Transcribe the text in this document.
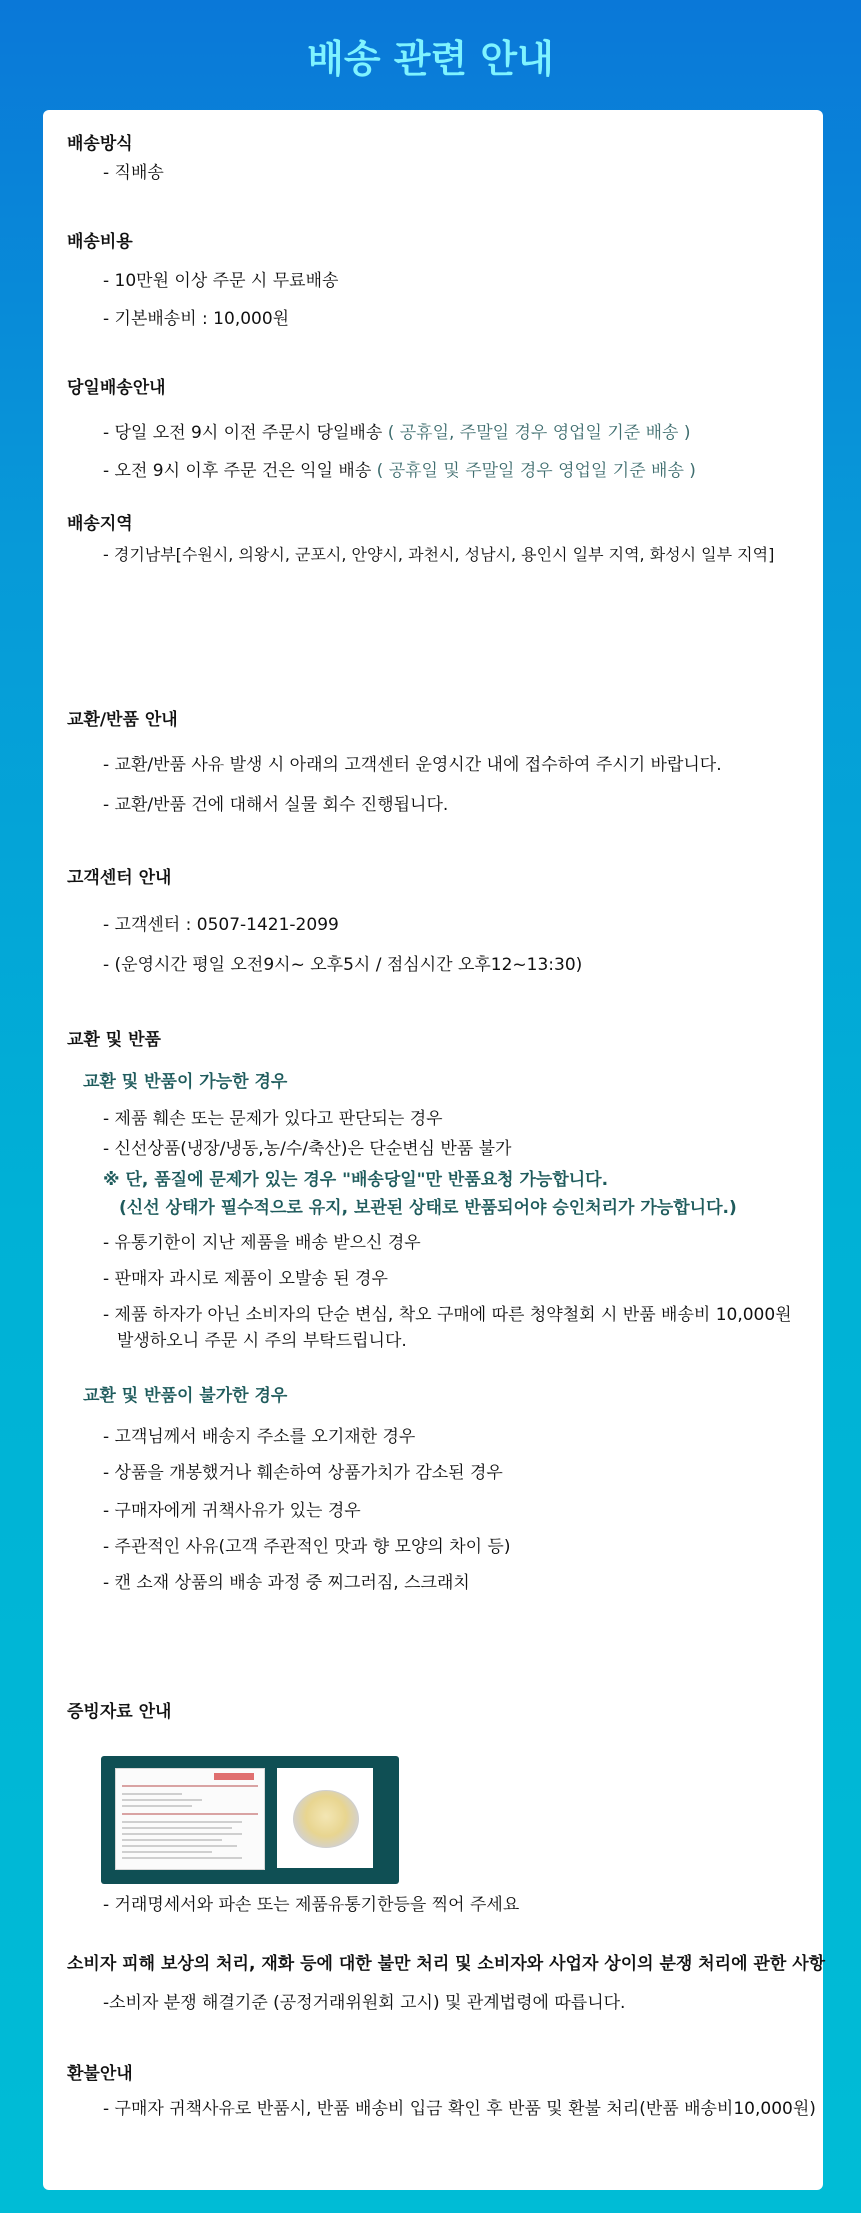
배송 관련 안내
배송방식
- 직배송
배송비용
- 10만원 이상 주문 시 무료배송
- 기본배송비 : 10,000원
당일배송안내
- 당일 오전 9시 이전 주문시 당일배송 ( 공휴일, 주말일 경우 영업일 기준 배송 )
- 오전 9시 이후 주문 건은 익일 배송 ( 공휴일 및 주말일 경우 영업일 기준 배송 )
배송지역
- 경기남부[수원시, 의왕시, 군포시, 안양시, 과천시, 성남시, 용인시 일부 지역, 화성시 일부 지역]
교환/반품 안내
- 교환/반품 사유 발생 시 아래의 고객센터 운영시간 내에 접수하여 주시기 바랍니다.
- 교환/반품 건에 대해서 실물 회수 진행됩니다.
고객센터 안내
- 고객센터 : 0507-1421-2099
- (운영시간 평일 오전9시~ 오후5시 / 점심시간 오후12~13:30)
교환 및 반품
교환 및 반품이 가능한 경우
- 제품 훼손 또는 문제가 있다고 판단되는 경우
- 신선상품(냉장/냉동,농/수/축산)은 단순변심 반품 불가
※ 단, 품질에 문제가 있는 경우 "배송당일"만 반품요청 가능합니다.
(신선 상태가 필수적으로 유지, 보관된 상태로 반품되어야 승인처리가 가능합니다.)
- 유통기한이 지난 제품을 배송 받으신 경우
- 판매자 과시로 제품이 오발송 된 경우
- 제품 하자가 아닌 소비자의 단순 변심, 착오 구매에 따른 청약철회 시 반품 배송비 10,000원 발생하오니 주문 시 주의 부탁드립니다.
교환 및 반품이 불가한 경우
- 고객님께서 배송지 주소를 오기재한 경우
- 상품을 개봉했거나 훼손하여 상품가치가 감소된 경우
- 구매자에게 귀책사유가 있는 경우
- 주관적인 사유(고객 주관적인 맛과 향 모양의 차이 등)
- 캔 소재 상품의 배송 과정 중 찌그러짐, 스크래치
증빙자료 안내
- 거래명세서와 파손 또는 제품유통기한등을 찍어 주세요
소비자 피해 보상의 처리, 재화 등에 대한 불만 처리 및 소비자와 사업자 상이의 분쟁 처리에 관한 사항
-소비자 분쟁 해결기준 (공정거래위원회 고시) 및 관계법령에 따릅니다.
환불안내
- 구매자 귀책사유로 반품시, 반품 배송비 입금 확인 후 반품 및 환불 처리(반품 배송비10,000원)
